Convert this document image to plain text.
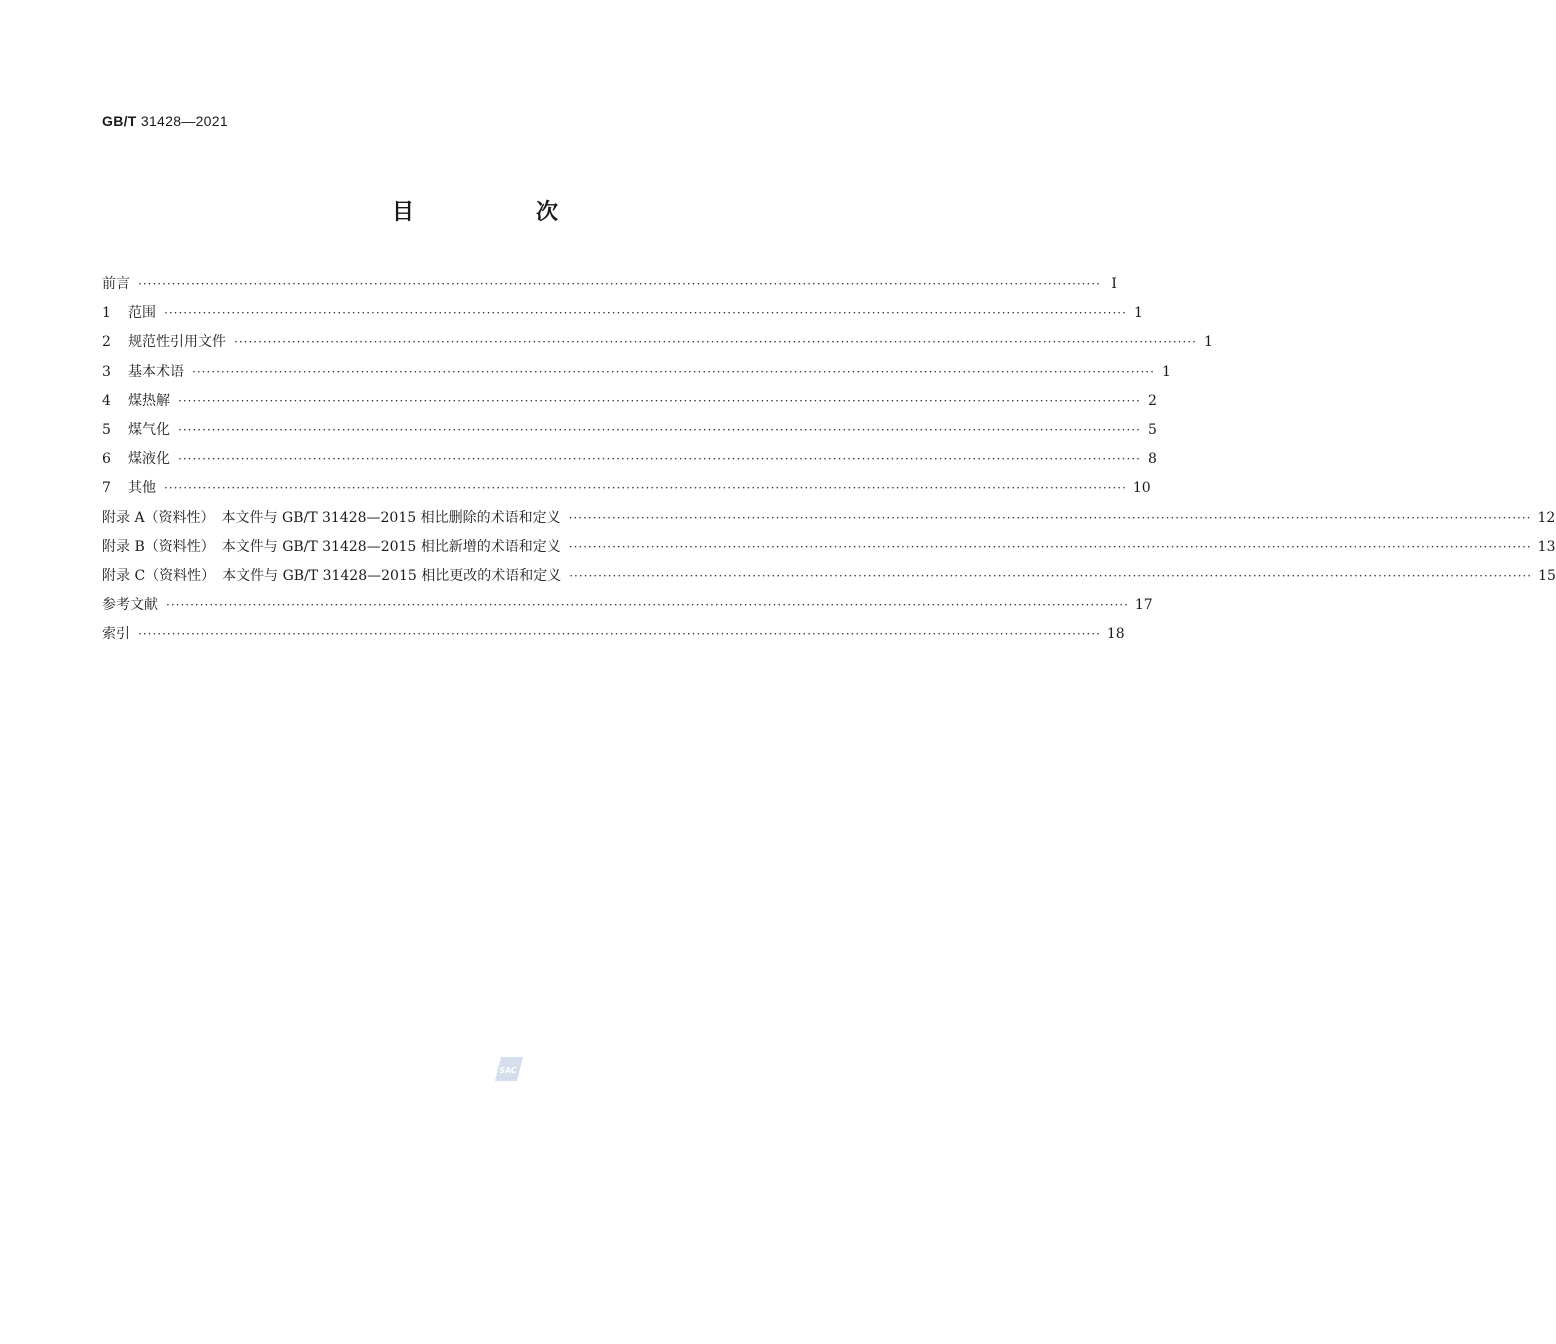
GB/T 31428—2021
目　次
前言 ········································································································································································································ Ⅰ
1	范围 ········································································································································································································ 1
2	规范性引用文件 ········································································································································································································ 1
3	基本术语 ········································································································································································································ 1
4	煤热解 ········································································································································································································ 2
5	煤气化 ········································································································································································································ 5
6	煤液化 ········································································································································································································ 8
7	其他 ········································································································································································································ 10
附录 A（资料性）　本文件与 GB/T 31428—2015 相比删除的术语和定义 ········································································································································································································ 12
附录 B（资料性）　本文件与 GB/T 31428—2015 相比新增的术语和定义 ········································································································································································································ 13
附录 C（资料性）　本文件与 GB/T 31428—2015 相比更改的术语和定义 ········································································································································································································ 15
参考文献 ········································································································································································································ 17
索引 ········································································································································································································ 18
SAC
